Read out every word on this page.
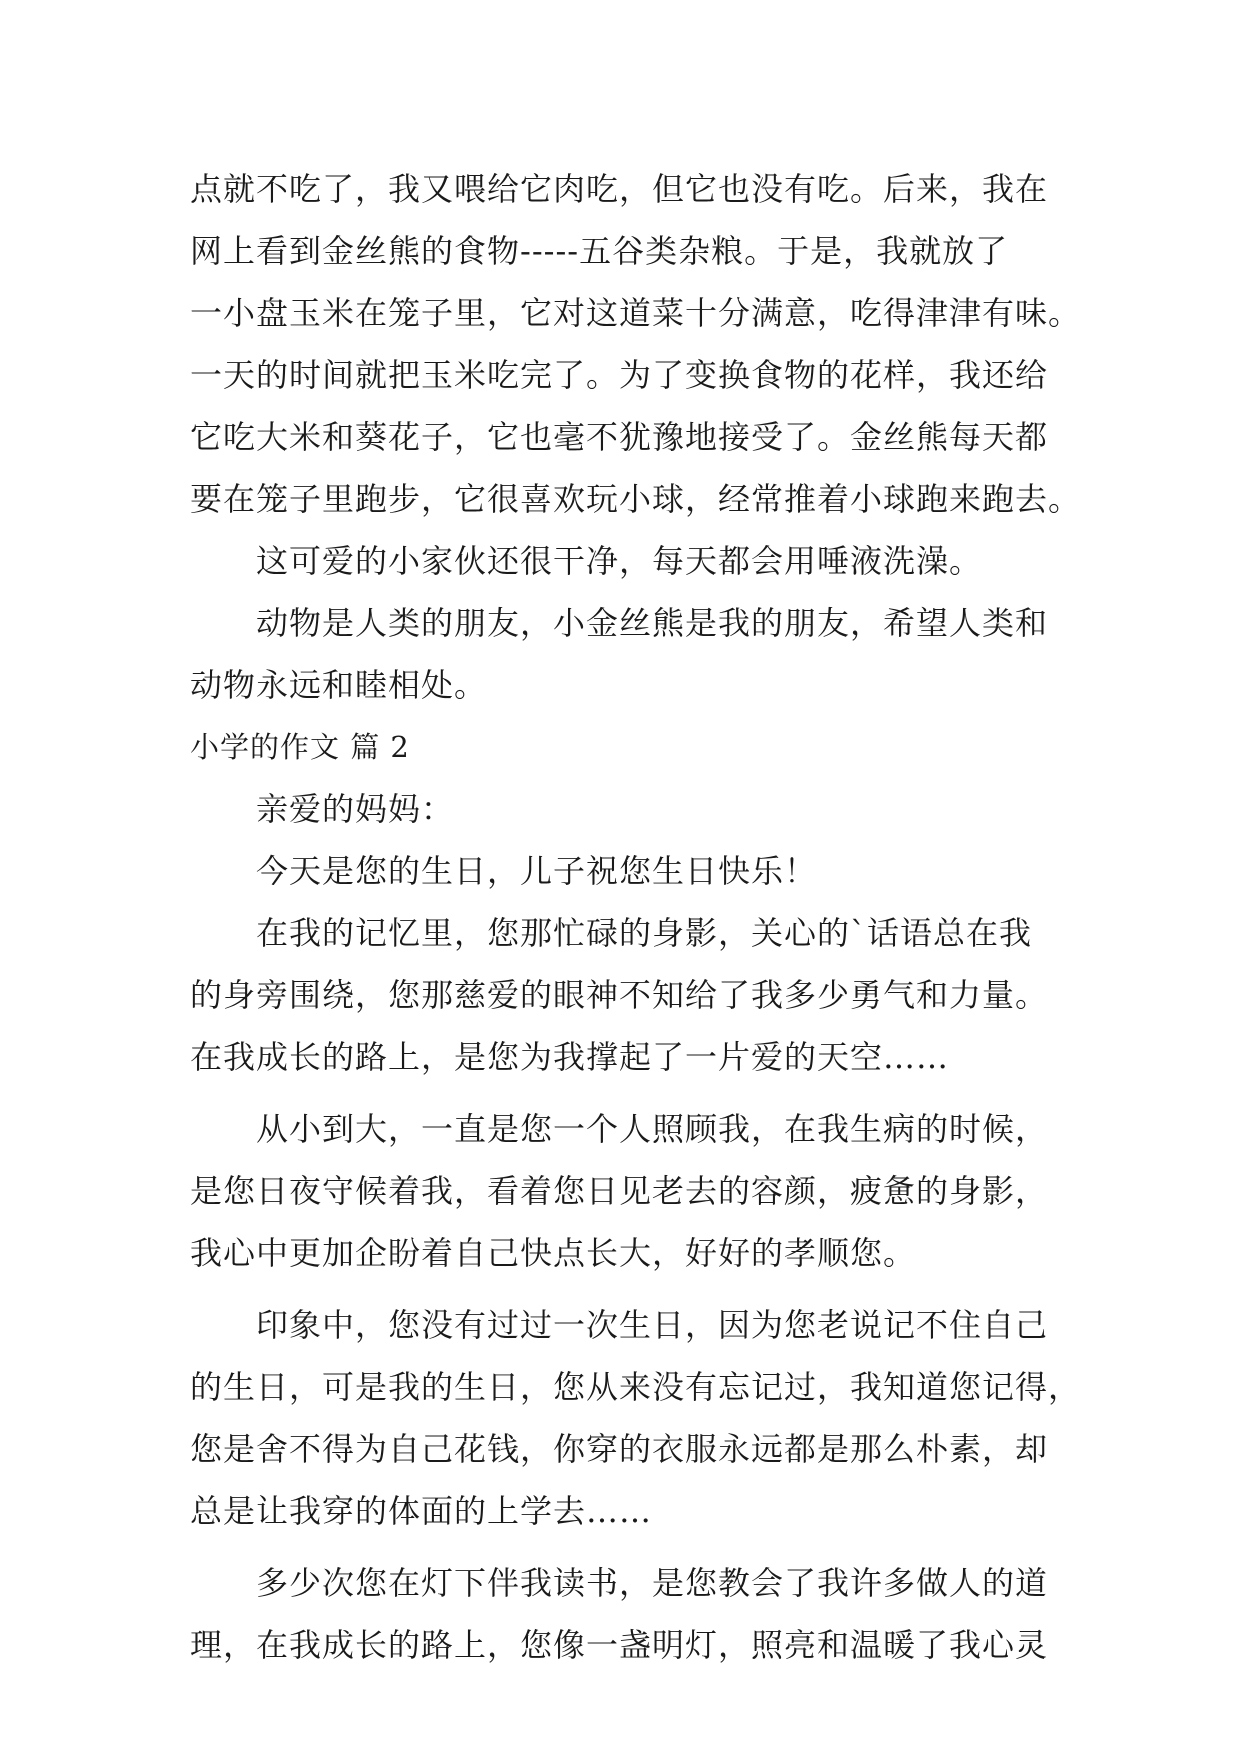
点就不吃了，我又喂给它肉吃，但它也没有吃。后来，我在

网上看到金丝熊的食物-----五谷类杂粮。于是，我就放了

一小盘玉米在笼子里，它对这道菜十分满意，吃得津津有味。

一天的时间就把玉米吃完了。为了变换食物的花样，我还给

它吃大米和葵花子，它也毫不犹豫地接受了。金丝熊每天都

要在笼子里跑步，它很喜欢玩小球，经常推着小球跑来跑去。

这可爱的小家伙还很干净，每天都会用唾液洗澡。

动物是人类的朋友，小金丝熊是我的朋友，希望人类和

动物永远和睦相处。

小学的作文 篇 2

亲爱的妈妈：

今天是您的生日，儿子祝您生日快乐！

在我的记忆里，您那忙碌的身影，关心的`话语总在我

的身旁围绕，您那慈爱的眼神不知给了我多少勇气和力量。

在我成长的路上，是您为我撑起了一片爱的天空……

从小到大，一直是您一个人照顾我，在我生病的时候，

是您日夜守候着我，看着您日见老去的容颜，疲惫的身影，

我心中更加企盼着自己快点长大，好好的孝顺您。

印象中，您没有过过一次生日，因为您老说记不住自己

的生日，可是我的生日，您从来没有忘记过，我知道您记得，

您是舍不得为自己花钱，你穿的衣服永远都是那么朴素，却

总是让我穿的体面的上学去……

多少次您在灯下伴我读书，是您教会了我许多做人的道

理，在我成长的路上，您像一盏明灯，照亮和温暖了我心灵
